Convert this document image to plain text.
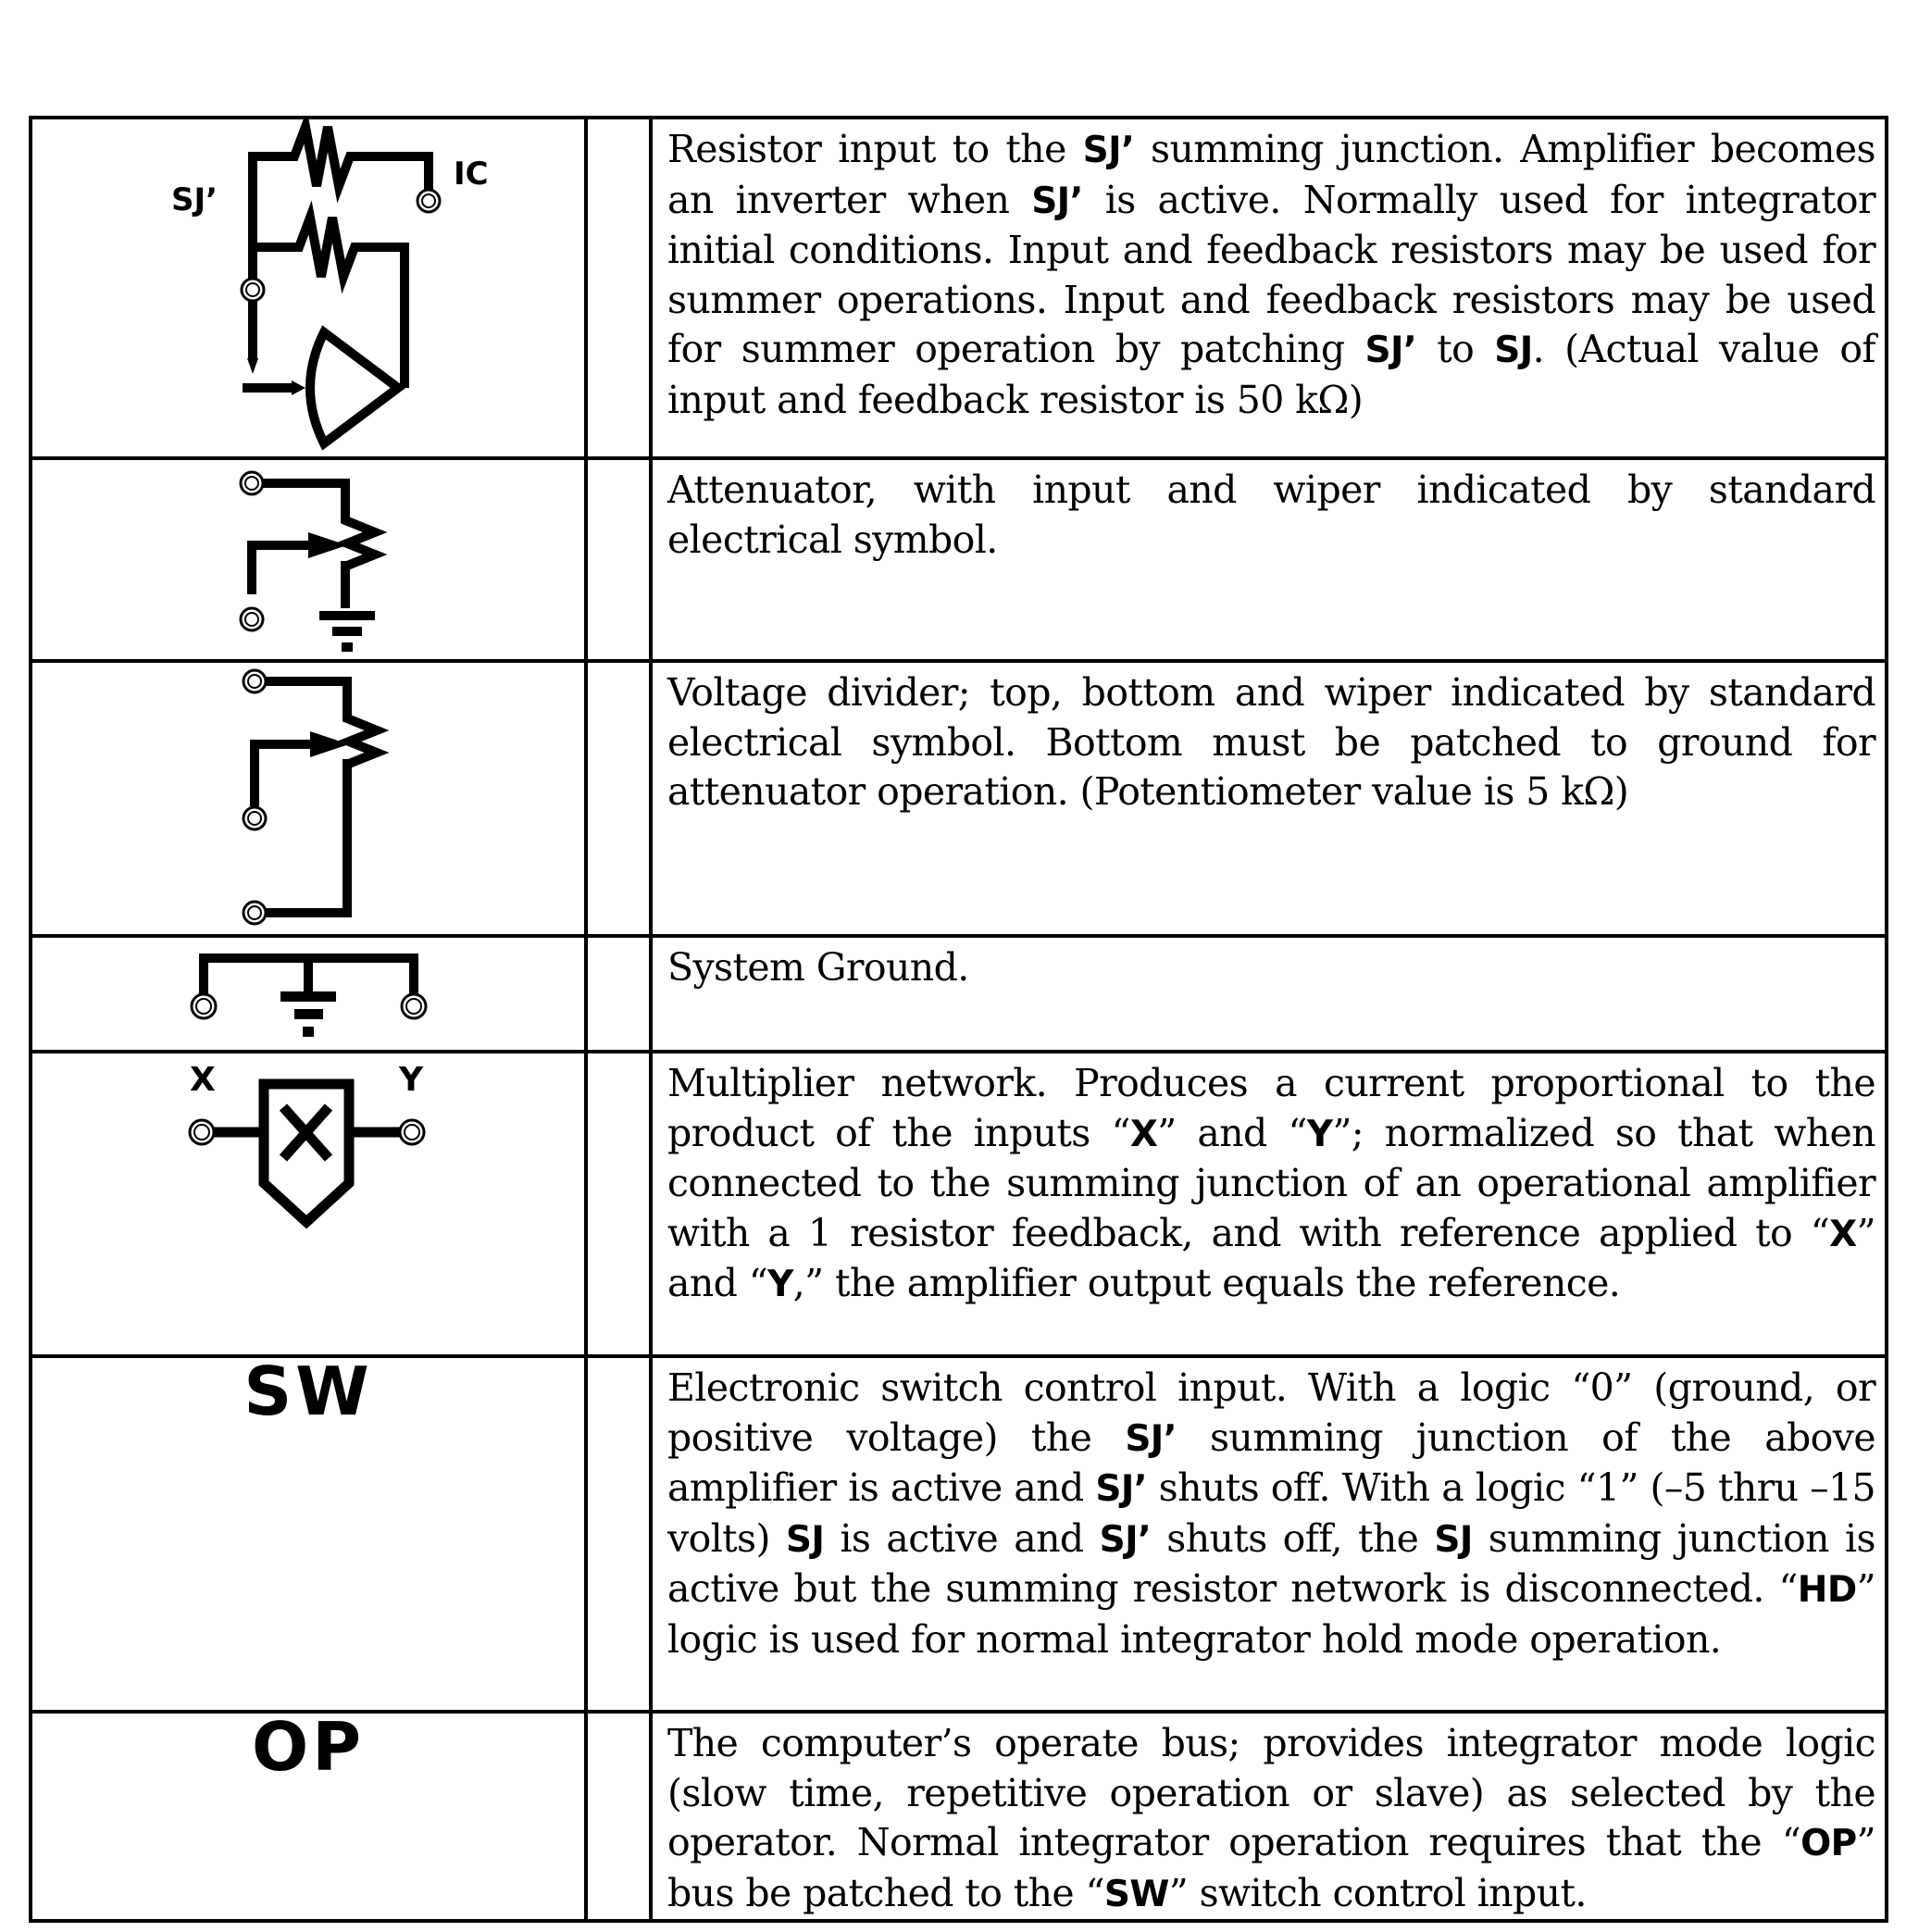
SJ’
IC		Resistor input to the SJ’ summing junction. Amplifier becomes an inverter when SJ’ is active. Normally used for integrator initial conditions. Input and feedback resistors may be used for summer operations. Input and feedback resistors may be used for summer operation by patching SJ’ to SJ. (Actual value of input and feedback resistor is 50 kΩ)

		Attenuator, with input and wiper indicated by standard electrical symbol.

		Voltage divider; top, bottom and wiper indicated by standard electrical symbol. Bottom must be patched to ground for attenuator operation. (Potentiometer value is 5 kΩ)

		System Ground.

X Y		Multiplier network. Produces a current proportional to the product of the inputs “X” and “Y”; normalized so that when connected to the summing junction of an operational amplifier with a 1 resistor feedback, and with reference applied to “X” and “Y,” the amplifier output equals the reference.

SW		Electronic switch control input. With a logic “0” (ground, or positive voltage) the SJ’ summing junction of the above amplifier is active and SJ’ shuts off. With a logic “1” (–5 thru –15 volts) SJ is active and SJ’ shuts off, the SJ summing junction is active but the summing resistor network is disconnected. “HD” logic is used for normal integrator hold mode operation.

OP		The computer’s operate bus; provides integrator mode logic (slow time, repetitive operation or slave) as selected by the operator. Normal integrator operation requires that the “OP” bus be patched to the “SW” switch control input.
